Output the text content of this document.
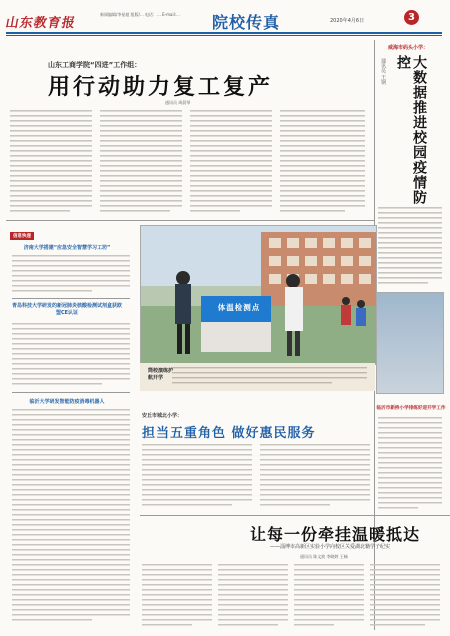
山东教育报
新闻编辑/李星超 组版/... 电话：... E-mail:... 院校传真	2020年4月6日	3
山东工商学院“四进”工作组：
用行动助力复工复产
通讯员 周晨琴
威海市码头小学：
大数据推进校园疫情防控
通讯员 王钢
信息快递
济南大学搭建“应急安全智慧学习工坊”
青岛科技大学研发的新冠肺炎核酸检测试剂盒获欧盟CE认证
临沂大学研发智能防疫消毒机器人
体温检测点
筒校演练护航开学
安丘市城北小学：
担当五重角色 做好惠民服务
临沂市新桥小学排练好迎开学工作
让每一份牵挂温暖抵达
——淄博市高新区实验小学向校区关爱湖北籍学子纪实
通讯员 陈文波 李晓婷 王畅
